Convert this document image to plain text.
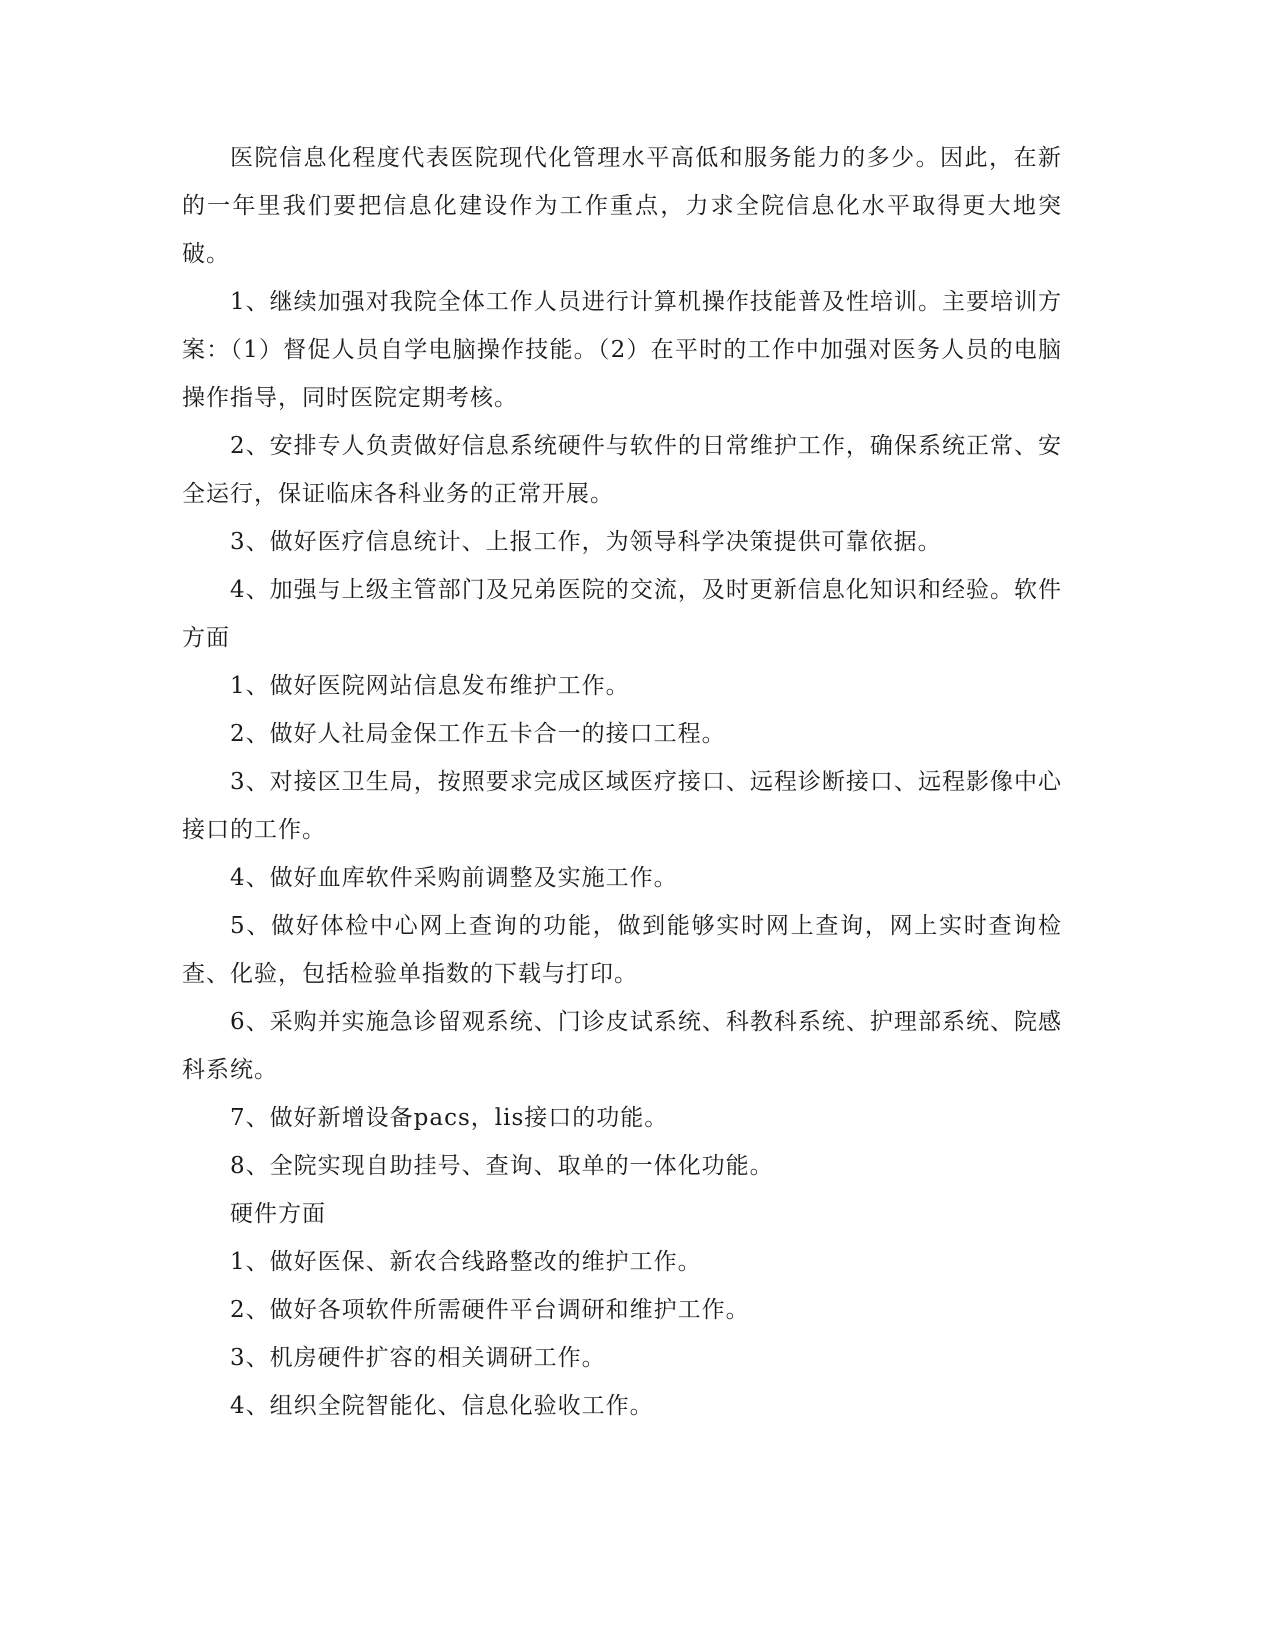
医院信息化程度代表医院现代化管理水平高低和服务能力的多少。因此，在新的一年里我们要把信息化建设作为工作重点，力求全院信息化水平取得更大地突破。

1、继续加强对我院全体工作人员进行计算机操作技能普及性培训。主要培训方案：（1）督促人员自学电脑操作技能。（2）在平时的工作中加强对医务人员的电脑操作指导，同时医院定期考核。

2、安排专人负责做好信息系统硬件与软件的日常维护工作，确保系统正常、安全运行，保证临床各科业务的正常开展。

3、做好医疗信息统计、上报工作，为领导科学决策提供可靠依据。

4、加强与上级主管部门及兄弟医院的交流，及时更新信息化知识和经验。软件方面

1、做好医院网站信息发布维护工作。

2、做好人社局金保工作五卡合一的接口工程。

3、对接区卫生局，按照要求完成区域医疗接口、远程诊断接口、远程影像中心接口的工作。

4、做好血库软件采购前调整及实施工作。

5、做好体检中心网上查询的功能，做到能够实时网上查询，网上实时查询检查、化验，包括检验单指数的下载与打印。

6、采购并实施急诊留观系统、门诊皮试系统、科教科系统、护理部系统、院感科系统。

7、做好新增设备pacs，lis接口的功能。

8、全院实现自助挂号、查询、取单的一体化功能。

硬件方面

1、做好医保、新农合线路整改的维护工作。

2、做好各项软件所需硬件平台调研和维护工作。

3、机房硬件扩容的相关调研工作。

4、组织全院智能化、信息化验收工作。
